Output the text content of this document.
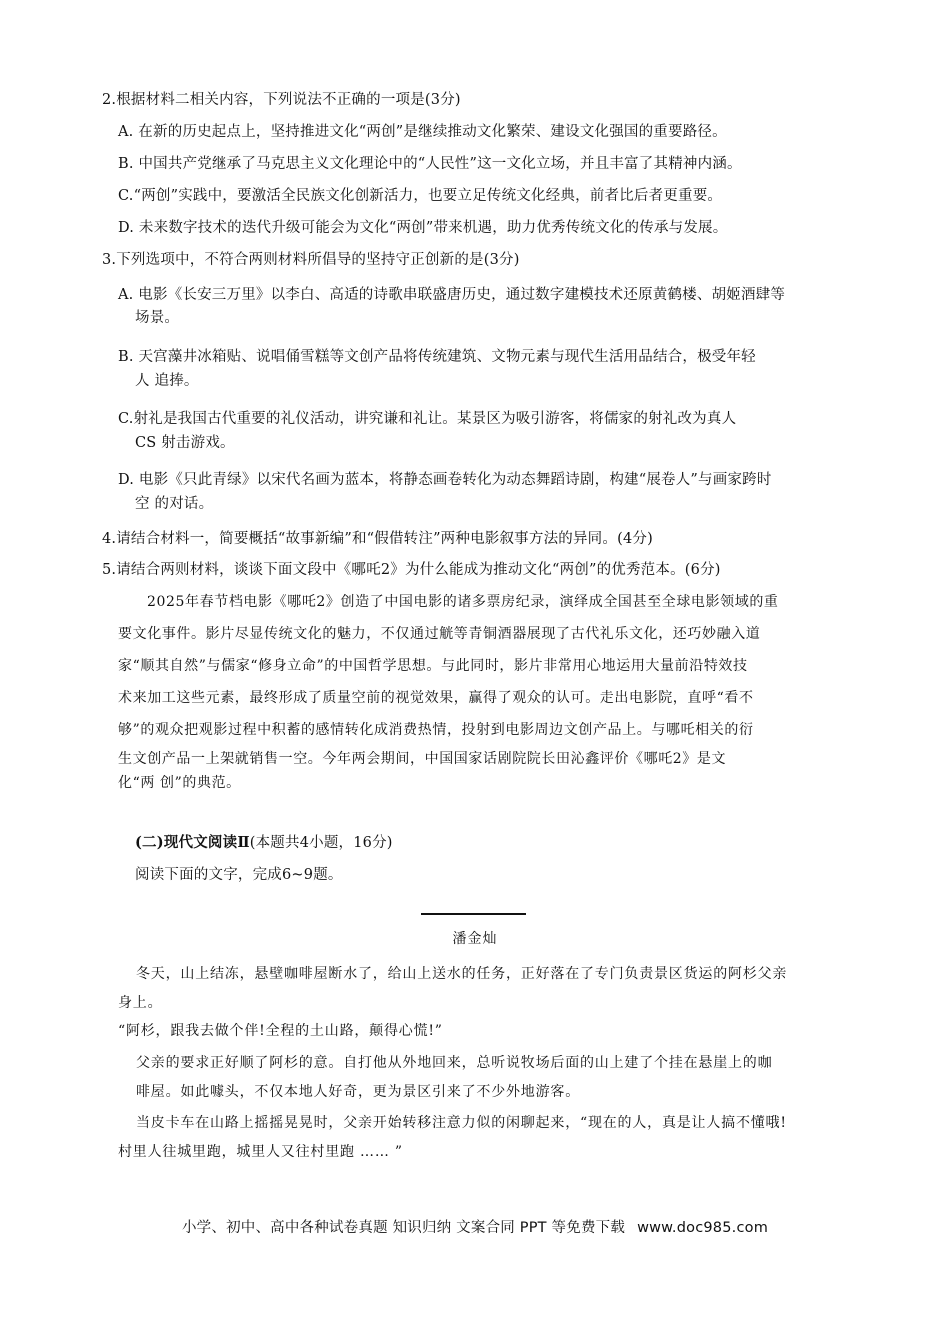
2.根据材料二相关内容，下列说法不正确的一项是(3分)
A. 在新的历史起点上，坚持推进文化“两创”是继续推动文化繁荣、建设文化强国的重要路径。
B. 中国共产党继承了马克思主义文化理论中的“人民性”这一文化立场，并且丰富了其精神内涵。
C.“两创”实践中，要激活全民族文化创新活力，也要立足传统文化经典，前者比后者更重要。
D. 未来数字技术的迭代升级可能会为文化“两创”带来机遇，助力优秀传统文化的传承与发展。
3.下列选项中，不符合两则材料所倡导的坚持守正创新的是(3分)
A. 电影《长安三万里》以李白、高适的诗歌串联盛唐历史，通过数字建模技术还原黄鹤楼、胡姬酒肆等
场景。
B. 天宫藻井冰箱贴、说唱俑雪糕等文创产品将传统建筑、文物元素与现代生活用品结合，极受年轻
人 追捧。
C.射礼是我国古代重要的礼仪活动，讲究谦和礼让。某景区为吸引游客，将儒家的射礼改为真人
CS 射击游戏。
D. 电影《只此青绿》以宋代名画为蓝本，将静态画卷转化为动态舞蹈诗剧，构建“展卷人”与画家跨时
空 的对话。
4.请结合材料一，简要概括“故事新编”和“假借转注”两种电影叙事方法的异同。(4分)
5.请结合两则材料，谈谈下面文段中《哪吒2》为什么能成为推动文化“两创”的优秀范本。(6分)
2025年春节档电影《哪吒2》创造了中国电影的诸多票房纪录，演绎成全国甚至全球电影领域的重
要文化事件。影片尽显传统文化的魅力，不仅通过觥等青铜酒器展现了古代礼乐文化，还巧妙融入道
家“顺其自然”与儒家“修身立命”的中国哲学思想。与此同时，影片非常用心地运用大量前沿特效技
术来加工这些元素，最终形成了质量空前的视觉效果，赢得了观众的认可。走出电影院，直呼“看不
够”的观众把观影过程中积蓄的感情转化成消费热情，投射到电影周边文创产品上。与哪吒相关的衍
生文创产品一上架就销售一空。今年两会期间，中国国家话剧院院长田沁鑫评价《哪吒2》是文
化“两 创”的典范。
(二)现代文阅读Ⅱ(本题共4小题，16分)
阅读下面的文字，完成6~9题。
潘金灿
冬天，山上结冻，悬壁咖啡屋断水了，给山上送水的任务，正好落在了专门负责景区货运的阿杉父亲
身上。
“阿杉，跟我去做个伴!全程的土山路，颠得心慌!”
父亲的要求正好顺了阿杉的意。自打他从外地回来，总听说牧场后面的山上建了个挂在悬崖上的咖
啡屋。如此噱头，不仅本地人好奇，更为景区引来了不少外地游客。
当皮卡车在山路上摇摇晃晃时，父亲开始转移注意力似的闲聊起来，“现在的人，真是让人搞不懂哦!
村里人往城里跑，城里人又往村里跑 …… ”
小学、初中、高中各种试卷真题 知识归纳 文案合同 PPT 等免费下载 www.doc985.com
